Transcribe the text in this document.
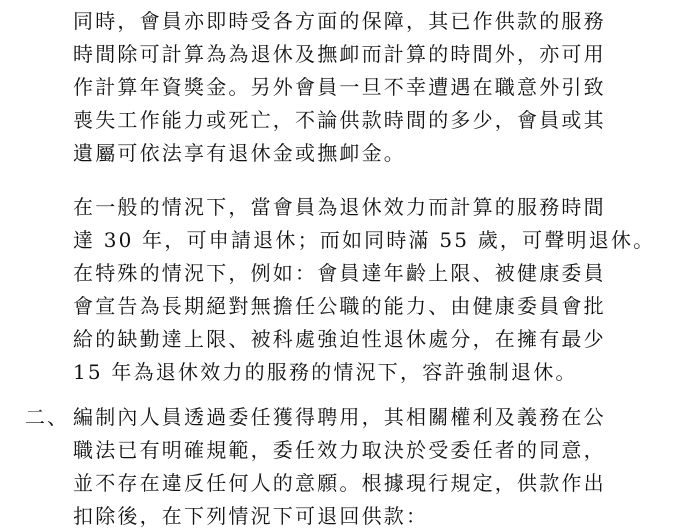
同時，會員亦即時受各方面的保障，其已作供款的服務
時間除可計算為為退休及撫卹而計算的時間外，亦可用
作計算年資獎金。另外會員一旦不幸遭遇在職意外引致
喪失工作能力或死亡，不論供款時間的多少，會員或其
遺屬可依法享有退休金或撫卹金。
在一般的情況下，當會員為退休效力而計算的服務時間
達 30 年，可申請退休；而如同時滿 55 歲，可聲明退休。
在特殊的情況下，例如：會員達年齡上限、被健康委員
會宣告為長期絕對無擔任公職的能力、由健康委員會批
給的缺勤達上限、被科處強迫性退休處分，在擁有最少
15 年為退休效力的服務的情況下，容許強制退休。
二、 編制內人員透過委任獲得聘用，其相關權利及義務在公
職法已有明確規範，委任效力取決於受委任者的同意，
並不存在違反任何人的意願。根據現行規定，供款作出
扣除後，在下列情況下可退回供款：
